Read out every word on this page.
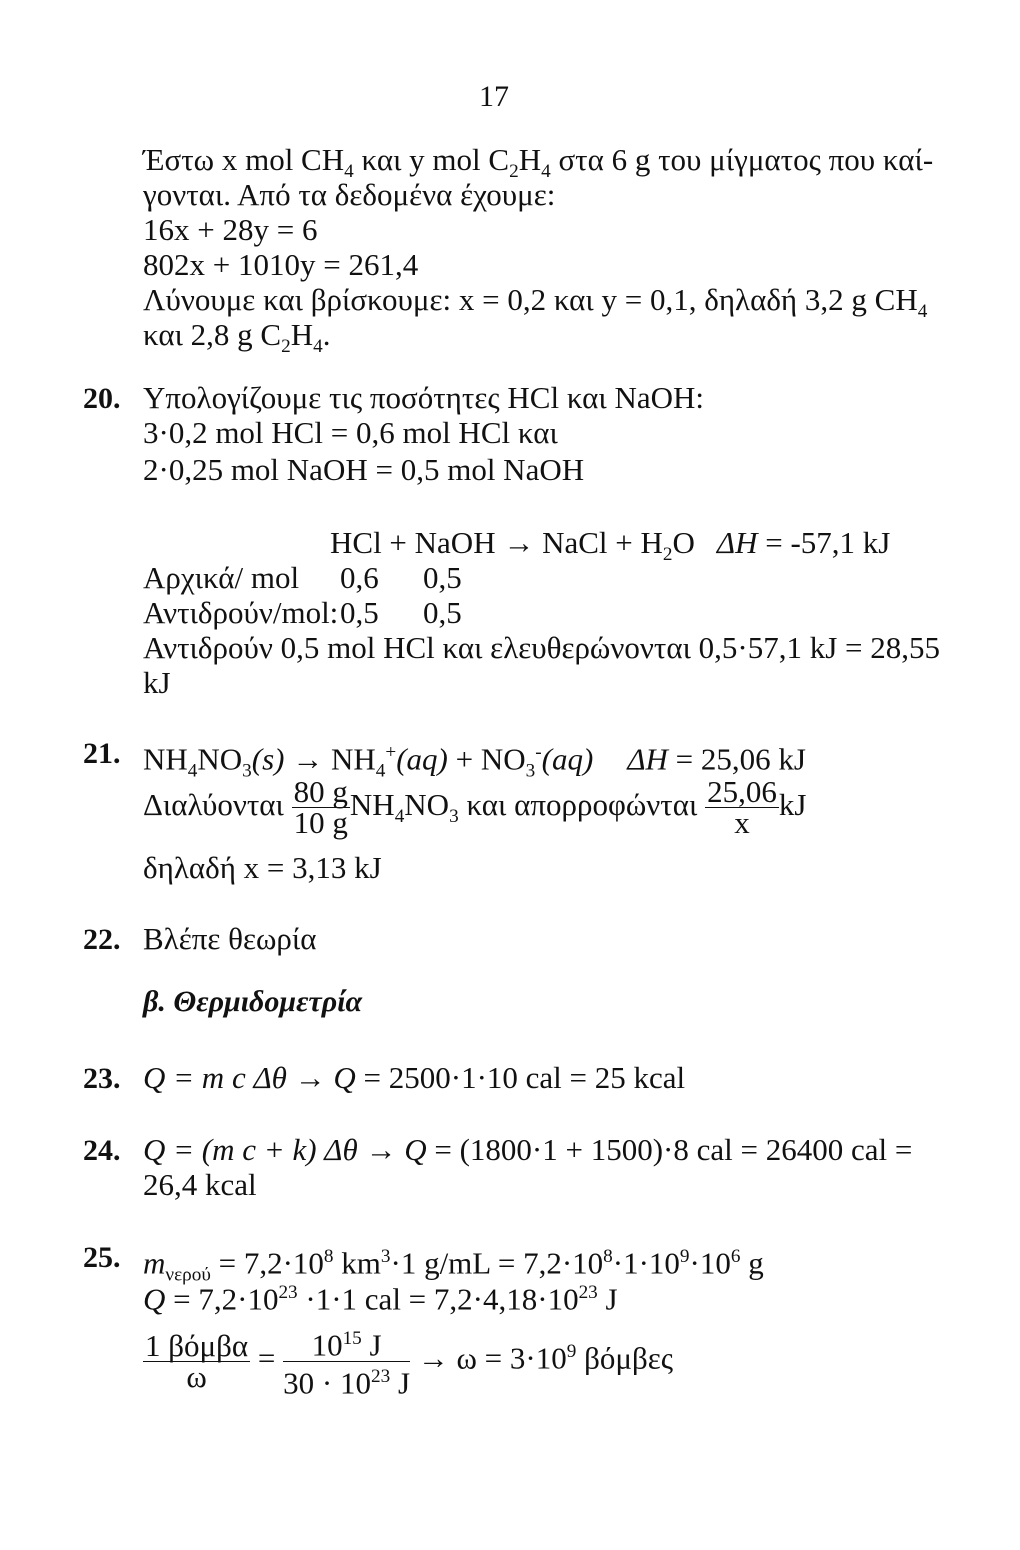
17
Έστω x mol $CH_4$ και y mol $C_2H_4$ στα 6 g του μίγματος που καί-
γονται. Από τα δεδομένα έχουμε:
16x + 28y = 6
802x + 1010y = 261,4
Λύνουμε και βρίσκουμε: x = 0,2 και y = 0,1, δηλαδή 3,2 g $CH_4$
και 2,8 g $C_2H_4$.
20. Υπολογίζουμε τις ποσότητες HCl και NaOH:
3·0,2 mol HCl = 0,6 mol HCl και
2·0,25 mol NaOH = 0,5 mol NaOH
HCl + NaOH → NaCl + $H_2O$ ΔH = -57,1 kJ
Αρχικά/ mol 0,6 0,5
Αντιδρούν/mol: 0,5 0,5
Αντιδρούν 0,5 mol HCl και ελευθερώνονται 0,5·57,1 kJ = 28,55
kJ
21. $NH_4NO_3(s) \to NH_4^+(aq) + NO_3^-(aq) \Delta H = 25,06$ kJ
Διαλύονται $\frac{80 g}{10 g} NH_4NO_3$ και απορροφώνται $\frac{25,06}{x}$ kJ
δηλαδή x = 3,13 kJ
22. Βλέπε θεωρία
β. Θερμιδομετρία
23. Q = m c Δθ → Q = 2500·1·10 cal = 25 kcal
24. Q = (m c + k) Δθ → Q = (1800·1 + 1500)·8 cal = 26400 cal =
26,4 kcal
25. $m_{\nu\varepsilon\rho oύ} = 7,2\cdot 10^8$ $km^3\cdot 1$ $g/mL = 7,2\cdot 10^8\cdot 1\cdot 10^9\cdot 10^6$ g
$Q = 7,2\cdot 10^{23} \cdot 1\cdot 1$ cal = $7,2\cdot 4,18\cdot 10^{23}$ J
$\frac{\text{1 βόμβα}}{\omega} = \frac{10^{15} J}{30 \cdot 10^{23} J} \to \omega = 3\cdot 10^9$ βόμβες
